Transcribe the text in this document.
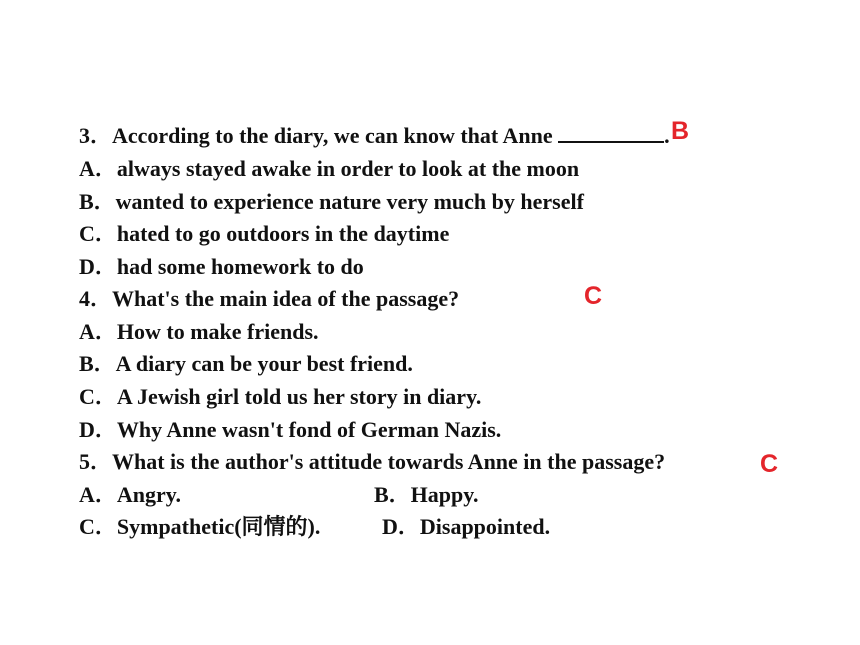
3．According to the diary, we can know that Anne	. B
A．always stayed awake in order to look at the moon
B．wanted to experience nature very much by herself
C．hated to go outdoors in the daytime
D．had some homework to do
4．What's the main idea of the passage?	C
A．How to make friends.
B．A diary can be your best friend.
C．A Jewish girl told us her story in diary.
D．Why Anne wasn't fond of German Nazis.
5．What is the author's attitude towards Anne in the passage?	C
A．Angry.	B．Happy.
C．Sympathetic(同情的).	D．Disappointed.
